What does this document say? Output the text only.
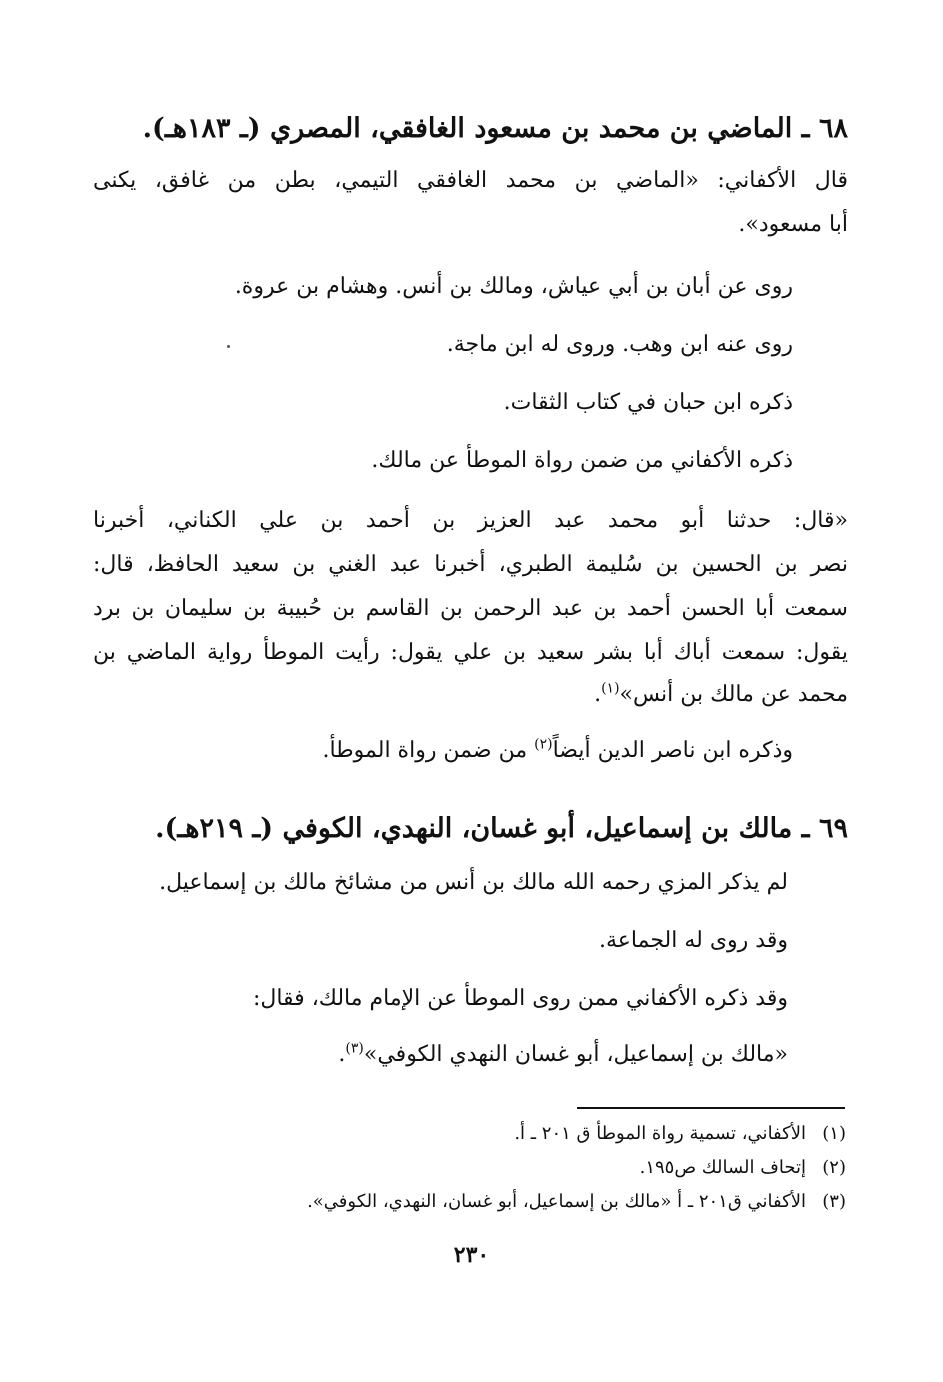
٦٨ ـ الماضي بن محمد بن مسعود الغافقي، المصري (ـ ١٨٣هـ).
قال الأكفاني: «الماضي بن محمد الغافقي التيمي، بطن من غافق، يكنى
أبا مسعود».
روى عن أبان بن أبي عياش، ومالك بن أنس. وهشام بن عروة.
روى عنه ابن وهب. وروى له ابن ماجة.
ذكره ابن حبان في كتاب الثقات.
ذكره الأكفاني من ضمن رواة الموطأ عن مالك.
«قال: حدثنا أبو محمد عبد العزيز بن أحمد بن علي الكناني، أخبرنا
نصر بن الحسين بن سُليمة الطبري، أخبرنا عبد الغني بن سعيد الحافظ، قال:
سمعت أبا الحسن أحمد بن عبد الرحمن بن القاسم بن حُبيبة بن سليمان بن برد
يقول: سمعت أباك أبا بشر سعيد بن علي يقول: رأيت الموطأ رواية الماضي بن
محمد عن مالك بن أنس»$^{(١)}$.
وذكره ابن ناصر الدين أيضاً$^{(٢)}$ من ضمن رواة الموطأ.
٦٩ ـ مالك بن إسماعيل، أبو غسان، النهدي، الكوفي (ـ ٢١٩هـ).
لم يذكر المزي رحمه الله مالك بن أنس من مشائخ مالك بن إسماعيل.
وقد روى له الجماعة.
وقد ذكره الأكفاني ممن روى الموطأ عن الإمام مالك، فقال:
«مالك بن إسماعيل، أبو غسان النهدي الكوفي»$^{(٣)}$.
(١)الأكفاني، تسمية رواة الموطأ ق ٢٠١ ـ أ.
(٢)إتحاف السالك ص١٩٥.
(٣)الأكفاني ق٢٠١ ـ أ «مالك بن إسماعيل، أبو غسان، النهدي، الكوفي».
٢٣٠
